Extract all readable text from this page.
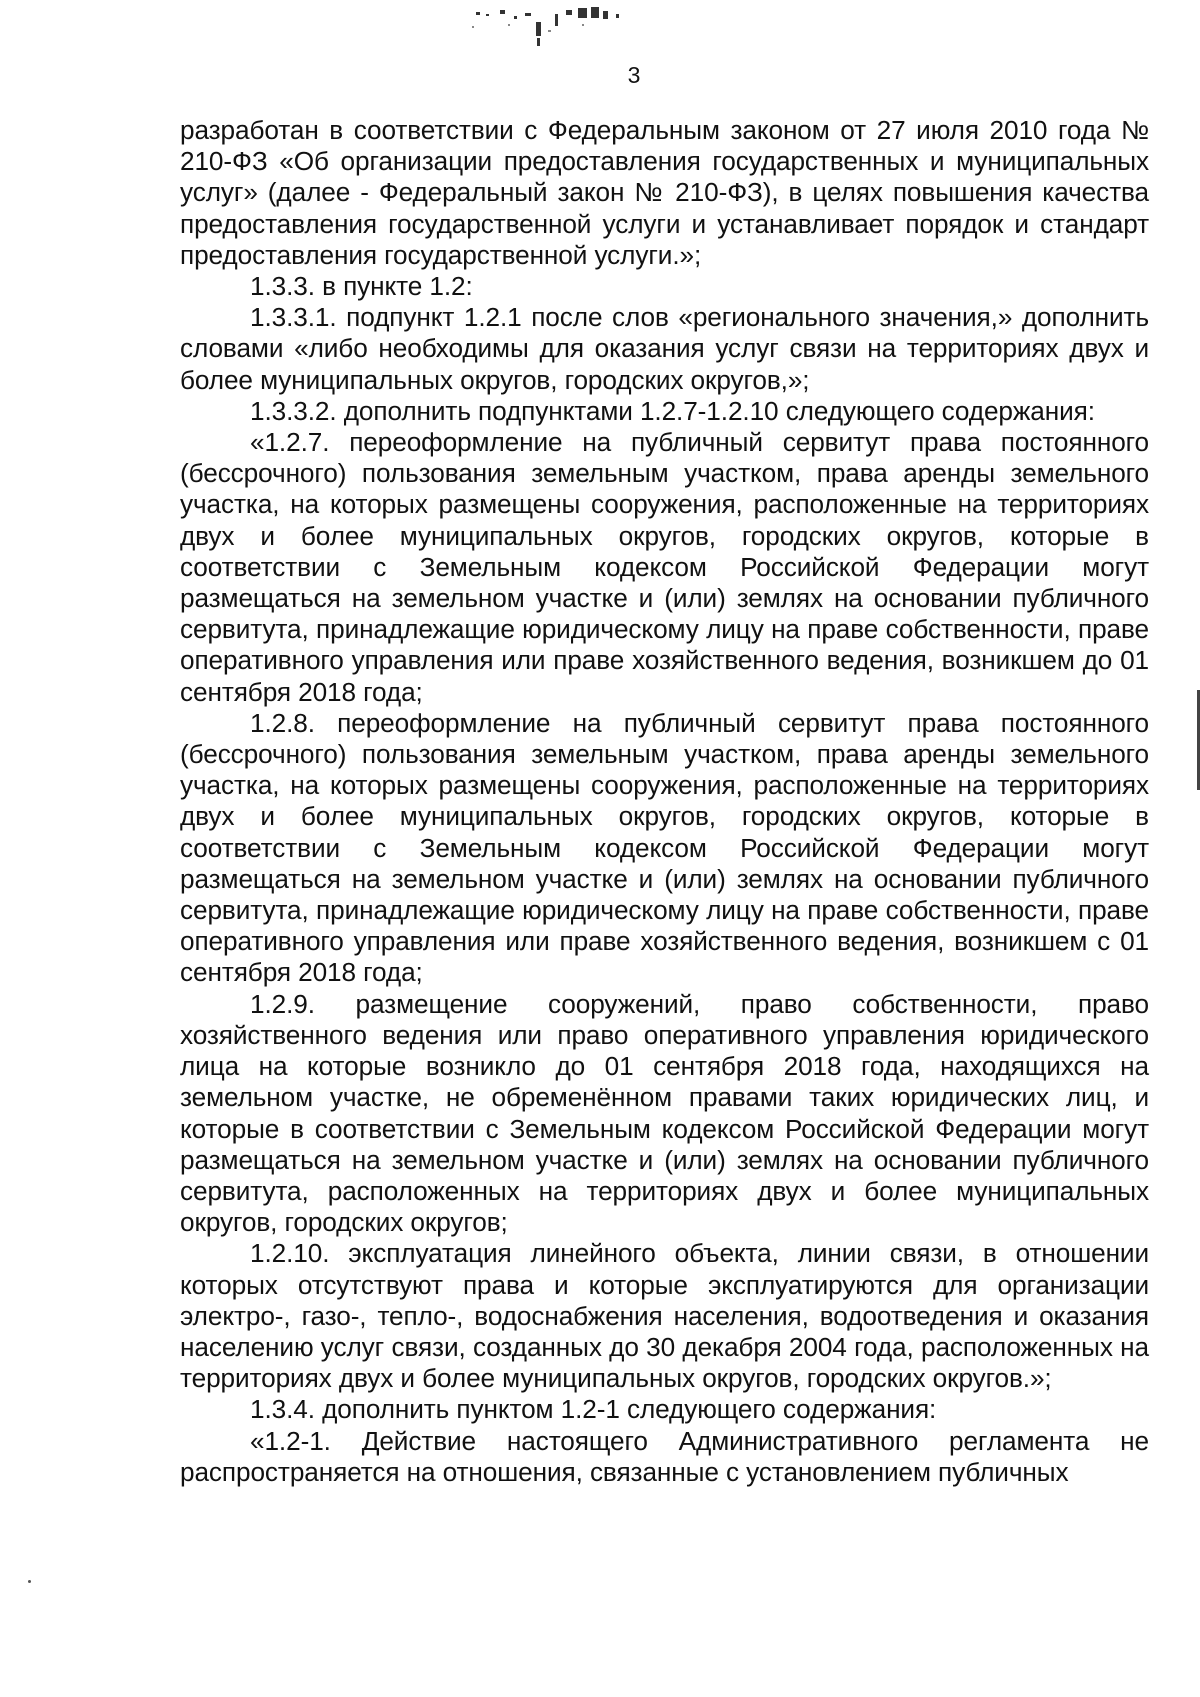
3

разработан в соответствии с Федеральным законом от 27 июля 2010 года № 210-ФЗ «Об организации предоставления государственных и муниципальных услуг» (далее - Федеральный закон № 210-ФЗ), в целях повышения качества предоставления государственной услуги и устанавливает порядок и стандарт предоставления государственной услуги.»;

1.3.3. в пункте 1.2:

1.3.3.1. подпункт 1.2.1 после слов «регионального значения,» дополнить словами «либо необходимы для оказания услуг связи на территориях двух и более муниципальных округов, городских округов,»;

1.3.3.2. дополнить подпунктами 1.2.7-1.2.10 следующего содержания:

«1.2.7. переоформление на публичный сервитут права постоянного (бессрочного) пользования земельным участком, права аренды земельного участка, на которых размещены сооружения, расположенные на территориях двух и более муниципальных округов, городских округов, которые в соответствии с Земельным кодексом Российской Федерации могут размещаться на земельном участке и (или) землях на основании публичного сервитута, принадлежащие юридическому лицу на праве собственности, праве оперативного управления или праве хозяйственного ведения, возникшем до 01 сентября 2018 года;

1.2.8. переоформление на публичный сервитут права постоянного (бессрочного) пользования земельным участком, права аренды земельного участка, на которых размещены сооружения, расположенные на территориях двух и более муниципальных округов, городских округов, которые в соответствии с Земельным кодексом Российской Федерации могут размещаться на земельном участке и (или) землях на основании публичного сервитута, принадлежащие юридическому лицу на праве собственности, праве оперативного управления или праве хозяйственного ведения, возникшем с 01 сентября 2018 года;

1.2.9. размещение сооружений, право собственности, право хозяйственного ведения или право оперативного управления юридического лица на которые возникло до 01 сентября 2018 года, находящихся на земельном участке, не обременённом правами таких юридических лиц, и которые в соответствии с Земельным кодексом Российской Федерации могут размещаться на земельном участке и (или) землях на основании публичного сервитута, расположенных на территориях двух и более муниципальных округов, городских округов;

1.2.10. эксплуатация линейного объекта, линии связи, в отношении которых отсутствуют права и которые эксплуатируются для организации электро-, газо-, тепло-, водоснабжения населения, водоотведения и оказания населению услуг связи, созданных до 30 декабря 2004 года, расположенных на территориях двух и более муниципальных округов, городских округов.»;

1.3.4. дополнить пунктом 1.2-1 следующего содержания:

«1.2-1. Действие настоящего Административного регламента не распространяется на отношения, связанные с установлением публичных
